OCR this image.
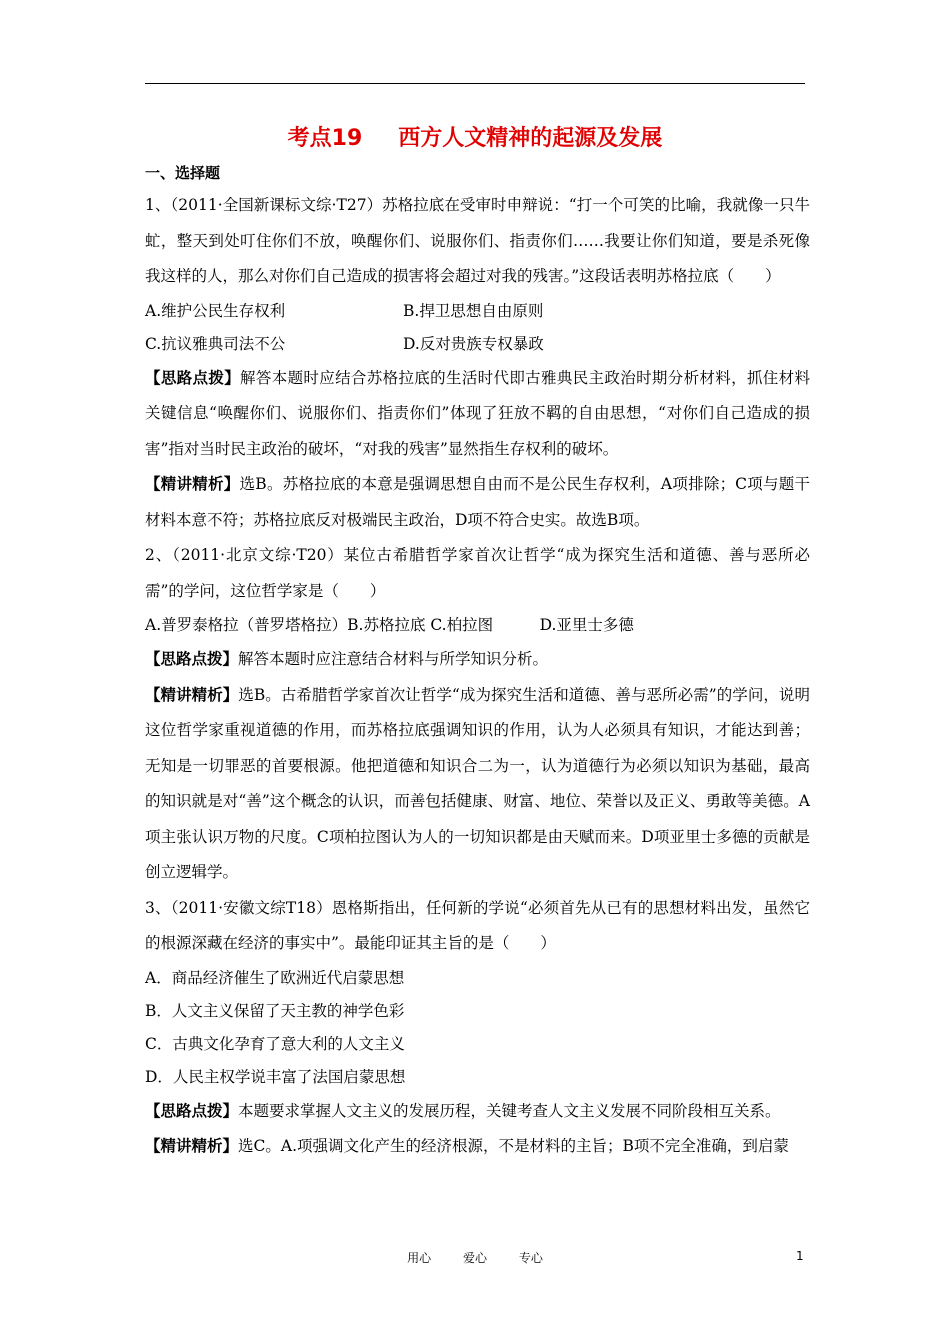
考点19 西方人文精神的起源及发展

一、选择题

1、（2011·全国新课标文综·T27）苏格拉底在受审时申辩说：“打一个可笑的比喻，我就像一只牛虻，整天到处叮住你们不放，唤醒你们、说服你们、指责你们……我要让你们知道，要是杀死像我这样的人，那么对你们自己造成的损害将会超过对我的残害。”这段话表明苏格拉底（　　）

A.维护公民生存权利	B.捍卫思想自由原则
C.抗议雅典司法不公	D.反对贵族专权暴政

【思路点拨】解答本题时应结合苏格拉底的生活时代即古雅典民主政治时期分析材料，抓住材料关键信息“唤醒你们、说服你们、指责你们”体现了狂放不羁的自由思想，“对你们自己造成的损害”指对当时民主政治的破坏，“对我的残害”显然指生存权利的破坏。

【精讲精析】选B。苏格拉底的本意是强调思想自由而不是公民生存权利，A项排除；C项与题干材料本意不符；苏格拉底反对极端民主政治，D项不符合史实。故选B项。

2、（2011·北京文综·T20）某位古希腊哲学家首次让哲学“成为探究生活和道德、善与恶所必需”的学问，这位哲学家是（　　）

A.普罗泰格拉（普罗塔格拉）B.苏格拉底 C.柏拉图　　　D.亚里士多德

【思路点拨】解答本题时应注意结合材料与所学知识分析。

【精讲精析】选B。古希腊哲学家首次让哲学“成为探究生活和道德、善与恶所必需”的学问，说明这位哲学家重视道德的作用，而苏格拉底强调知识的作用，认为人必须具有知识，才能达到善；无知是一切罪恶的首要根源。他把道德和知识合二为一，认为道德行为必须以知识为基础，最高的知识就是对“善”这个概念的认识，而善包括健康、财富、地位、荣誉以及正义、勇敢等美德。A项主张认识万物的尺度。C项柏拉图认为人的一切知识都是由天赋而来。D项亚里士多德的贡献是创立逻辑学。

3、（2011·安徽文综T18）恩格斯指出，任何新的学说“必须首先从已有的思想材料出发，虽然它的根源深藏在经济的事实中”。最能印证其主旨的是（　　）

A．商品经济催生了欧洲近代启蒙思想

B．人文主义保留了天主教的神学色彩

C．古典文化孕育了意大利的人文主义

D．人民主权学说丰富了法国启蒙思想

【思路点拨】本题要求掌握人文主义的发展历程，关键考查人文主义发展不同阶段相互关系。

【精讲精析】选C。A.项强调文化产生的经济根源，不是材料的主旨；B项不完全准确，到启蒙

用心	爱心	专心	1
